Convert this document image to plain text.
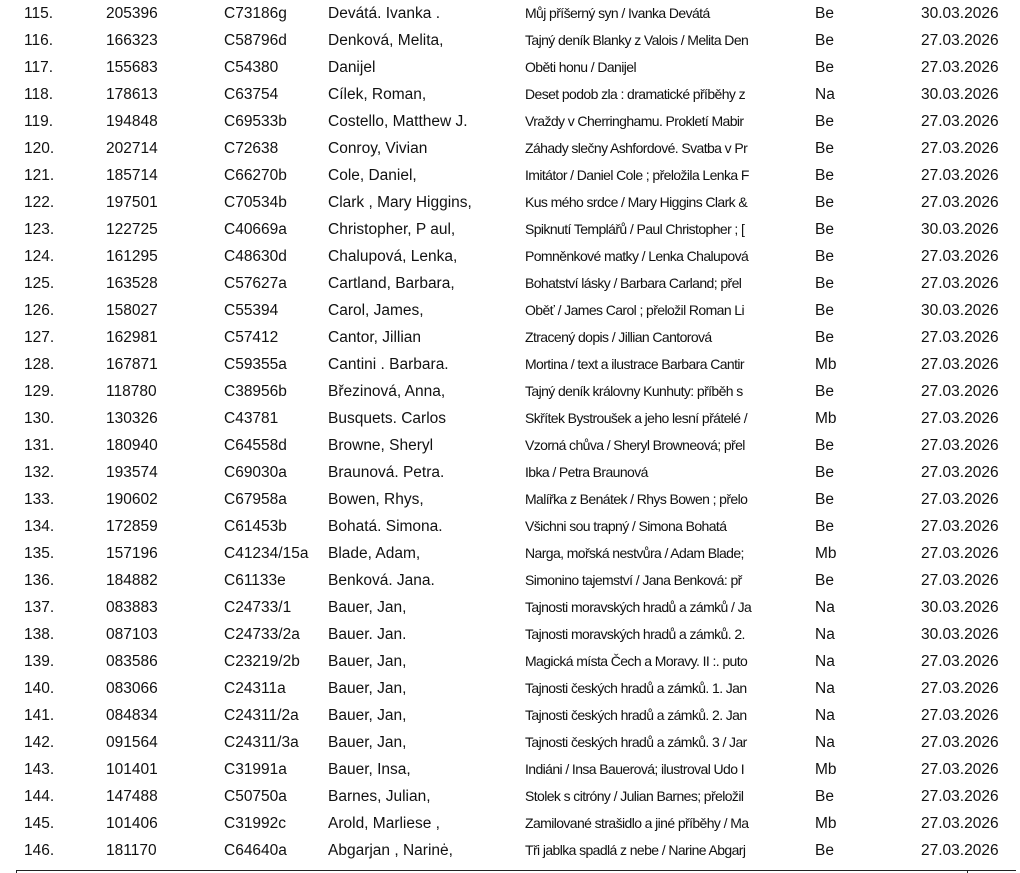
115.	205396	C73186g	Devátá. Ivanka .	Můj příšerný syn / Ivanka Devátá	Be	30.03.2026
116.	166323	C58796d	Denková, Melita,	Tajný deník Blanky z Valois / Melita Den	Be	27.03.2026
117.	155683	C54380	Danijel	Oběti honu / Danijel	Be	27.03.2026
118.	178613	C63754	Cílek, Roman,	Deset podob zla : dramatické příběhy z	Na	30.03.2026
119.	194848	C69533b	Costello, Matthew J.	Vraždy v Cherringhamu. Prokletí Mabir	Be	27.03.2026
120.	202714	C72638	Conroy, Vivian	Záhady slečny Ashfordové. Svatba v Pr	Be	27.03.2026
121.	185714	C66270b	Cole, Daniel,	Imitátor / Daniel Cole ; přeložila Lenka F	Be	27.03.2026
122.	197501	C70534b	Clark , Mary Higgins,	Kus mého srdce / Mary Higgins Clark &	Be	27.03.2026
123.	122725	C40669a	Christopher, P aul,	Spiknutí Templářů / Paul Christopher ; [	Be	30.03.2026
124.	161295	C48630d	Chalupová, Lenka,	Pomněnkové matky / Lenka Chalupová	Be	27.03.2026
125.	163528	C57627a	Cartland, Barbara,	Bohatství lásky / Barbara Carland; přel	Be	27.03.2026
126.	158027	C55394	Carol, James,	Oběť / James Carol ; přeložil Roman Li	Be	30.03.2026
127.	162981	C57412	Cantor, Jillian	Ztracený dopis / Jillian Cantorová	Be	27.03.2026
128.	167871	C59355a	Cantini . Barbara.	Mortina / text a ilustrace Barbara Cantir	Mb	27.03.2026
129.	118780	C38956b	Březinová, Anna,	Tajný deník královny Kunhuty: příběh s	Be	27.03.2026
130.	130326	C43781	Busquets. Carlos	Skřítek Bystroušek a jeho lesní přátelé /	Mb	27.03.2026
131.	180940	C64558d	Browne, Sheryl	Vzorná chůva / Sheryl Browneová; přel	Be	27.03.2026
132.	193574	C69030a	Braunová. Petra.	Ibka / Petra Braunová	Be	27.03.2026
133.	190602	C67958a	Bowen, Rhys,	Malířka z Benátek / Rhys Bowen ; přelo	Be	27.03.2026
134.	172859	C61453b	Bohatá. Simona.	Všichni sou trapný / Simona Bohatá	Be	27.03.2026
135.	157196	C41234/15a	Blade, Adam,	Narga, mořská nestvůra / Adam Blade;	Mb	27.03.2026
136.	184882	C61133e	Benková. Jana.	Simonino tajemství / Jana Benková: př	Be	27.03.2026
137.	083883	C24733/1	Bauer, Jan,	Tajnosti moravských hradů a zámků / Ja	Na	30.03.2026
138.	087103	C24733/2a	Bauer. Jan.	Tajnosti moravských hradů a zámků. 2.	Na	30.03.2026
139.	083586	C23219/2b	Bauer, Jan,	Magická místa Čech a Moravy. II :. puto	Na	27.03.2026
140.	083066	C24311a	Bauer, Jan,	Tajnosti českých hradů a zámků. 1. Jan	Na	27.03.2026
141.	084834	C24311/2a	Bauer, Jan,	Tajnosti českých hradů a zámků. 2. Jan	Na	27.03.2026
142.	091564	C24311/3a	Bauer, Jan,	Tajnosti českých hradů a zámků. 3 / Jar	Na	27.03.2026
143.	101401	C31991a	Bauer, Insa,	Indiáni / Insa Bauerová; ilustroval Udo I	Mb	27.03.2026
144.	147488	C50750a	Barnes, Julian,	Stolek s citróny / Julian Barnes; přeložil	Be	27.03.2026
145.	101406	C31992c	Arold, Marliese ,	Zamilované strašidlo a jiné příběhy / Ma	Mb	27.03.2026
146.	181170	C64640a	Abgarjan , Narinė,	Tři jablka spadlá z nebe / Narine Abgarj	Be	27.03.2026
